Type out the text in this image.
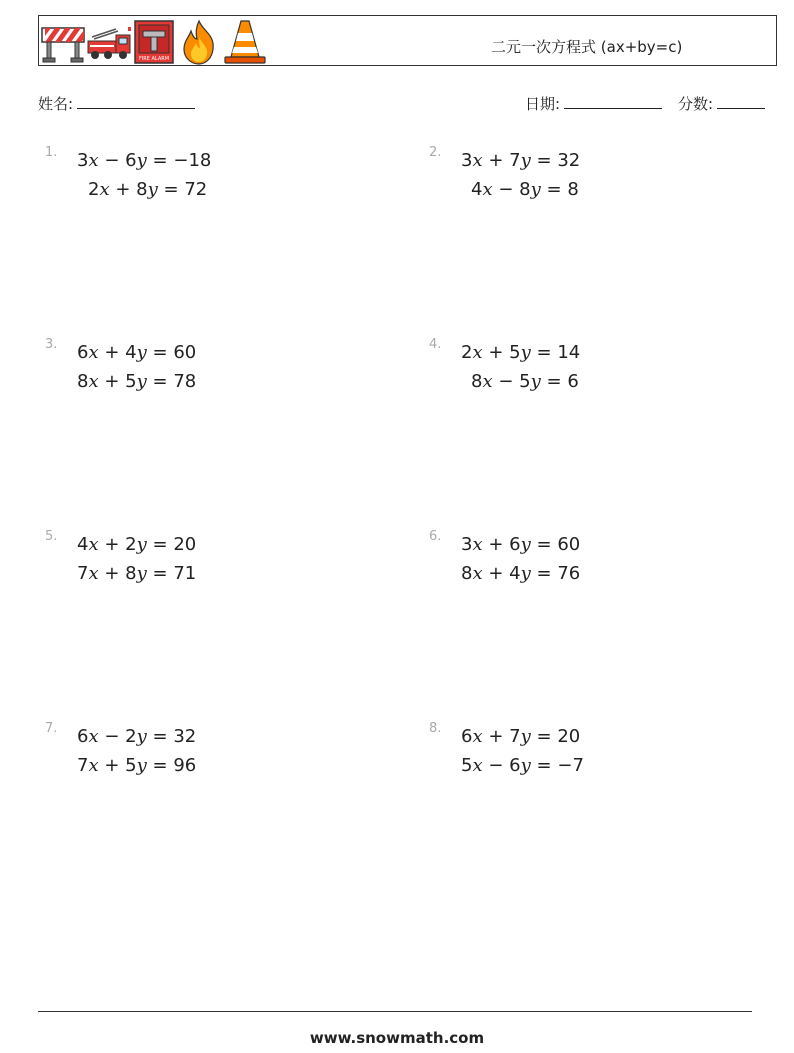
FIRE ALARM
二元一次方程式 (ax+by=c)
姓名:	日期:	分数:
1. 3x − 6y = −18
2x + 8y = 72
2. 3x + 7y = 32
4x − 8y = 8
3. 6x + 4y = 60
8x + 5y = 78
4. 2x + 5y = 14
8x − 5y = 6
5. 4x + 2y = 20
7x + 8y = 71
6. 3x + 6y = 60
8x + 4y = 76
7. 6x − 2y = 32
7x + 5y = 96
8. 6x + 7y = 20
5x − 6y = −7
www.snowmath.com
